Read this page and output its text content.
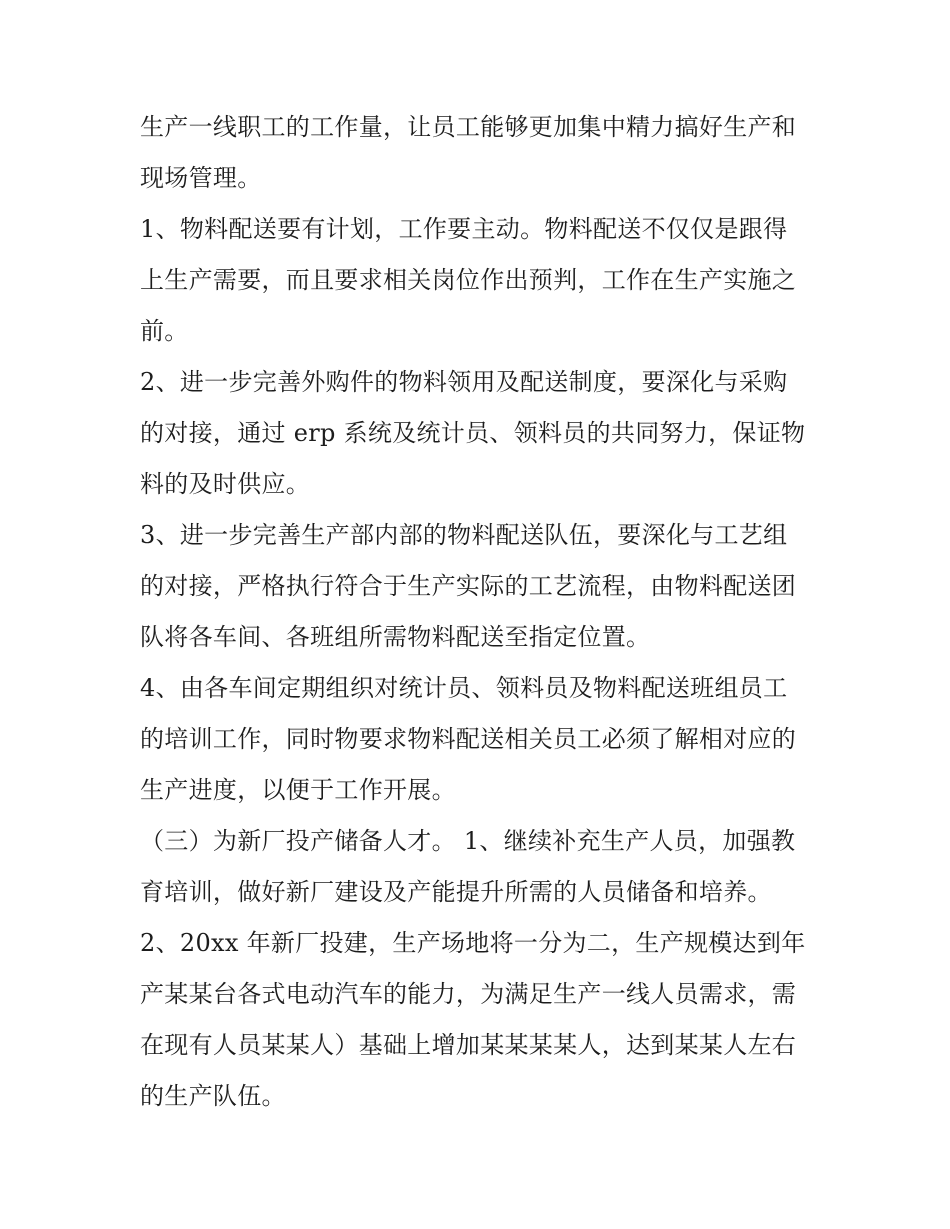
生产一线职工的工作量，让员工能够更加集中精力搞好生产和
现场管理。
1、物料配送要有计划，工作要主动。物料配送不仅仅是跟得
上生产需要，而且要求相关岗位作出预判，工作在生产实施之
前。
2、进一步完善外购件的物料领用及配送制度，要深化与采购
的对接，通过 erp 系统及统计员、领料员的共同努力，保证物
料的及时供应。
3、进一步完善生产部内部的物料配送队伍，要深化与工艺组
的对接，严格执行符合于生产实际的工艺流程，由物料配送团
队将各车间、各班组所需物料配送至指定位置。
4、由各车间定期组织对统计员、领料员及物料配送班组员工
的培训工作，同时物要求物料配送相关员工必须了解相对应的
生产进度，以便于工作开展。
（三）为新厂投产储备人才。 1、继续补充生产人员，加强教
育培训，做好新厂建设及产能提升所需的人员储备和培养。
2、20xx 年新厂投建，生产场地将一分为二，生产规模达到年
产某某台各式电动汽车的能力，为满足生产一线人员需求，需
在现有人员某某人）基础上增加某某某某人，达到某某人左右
的生产队伍。
